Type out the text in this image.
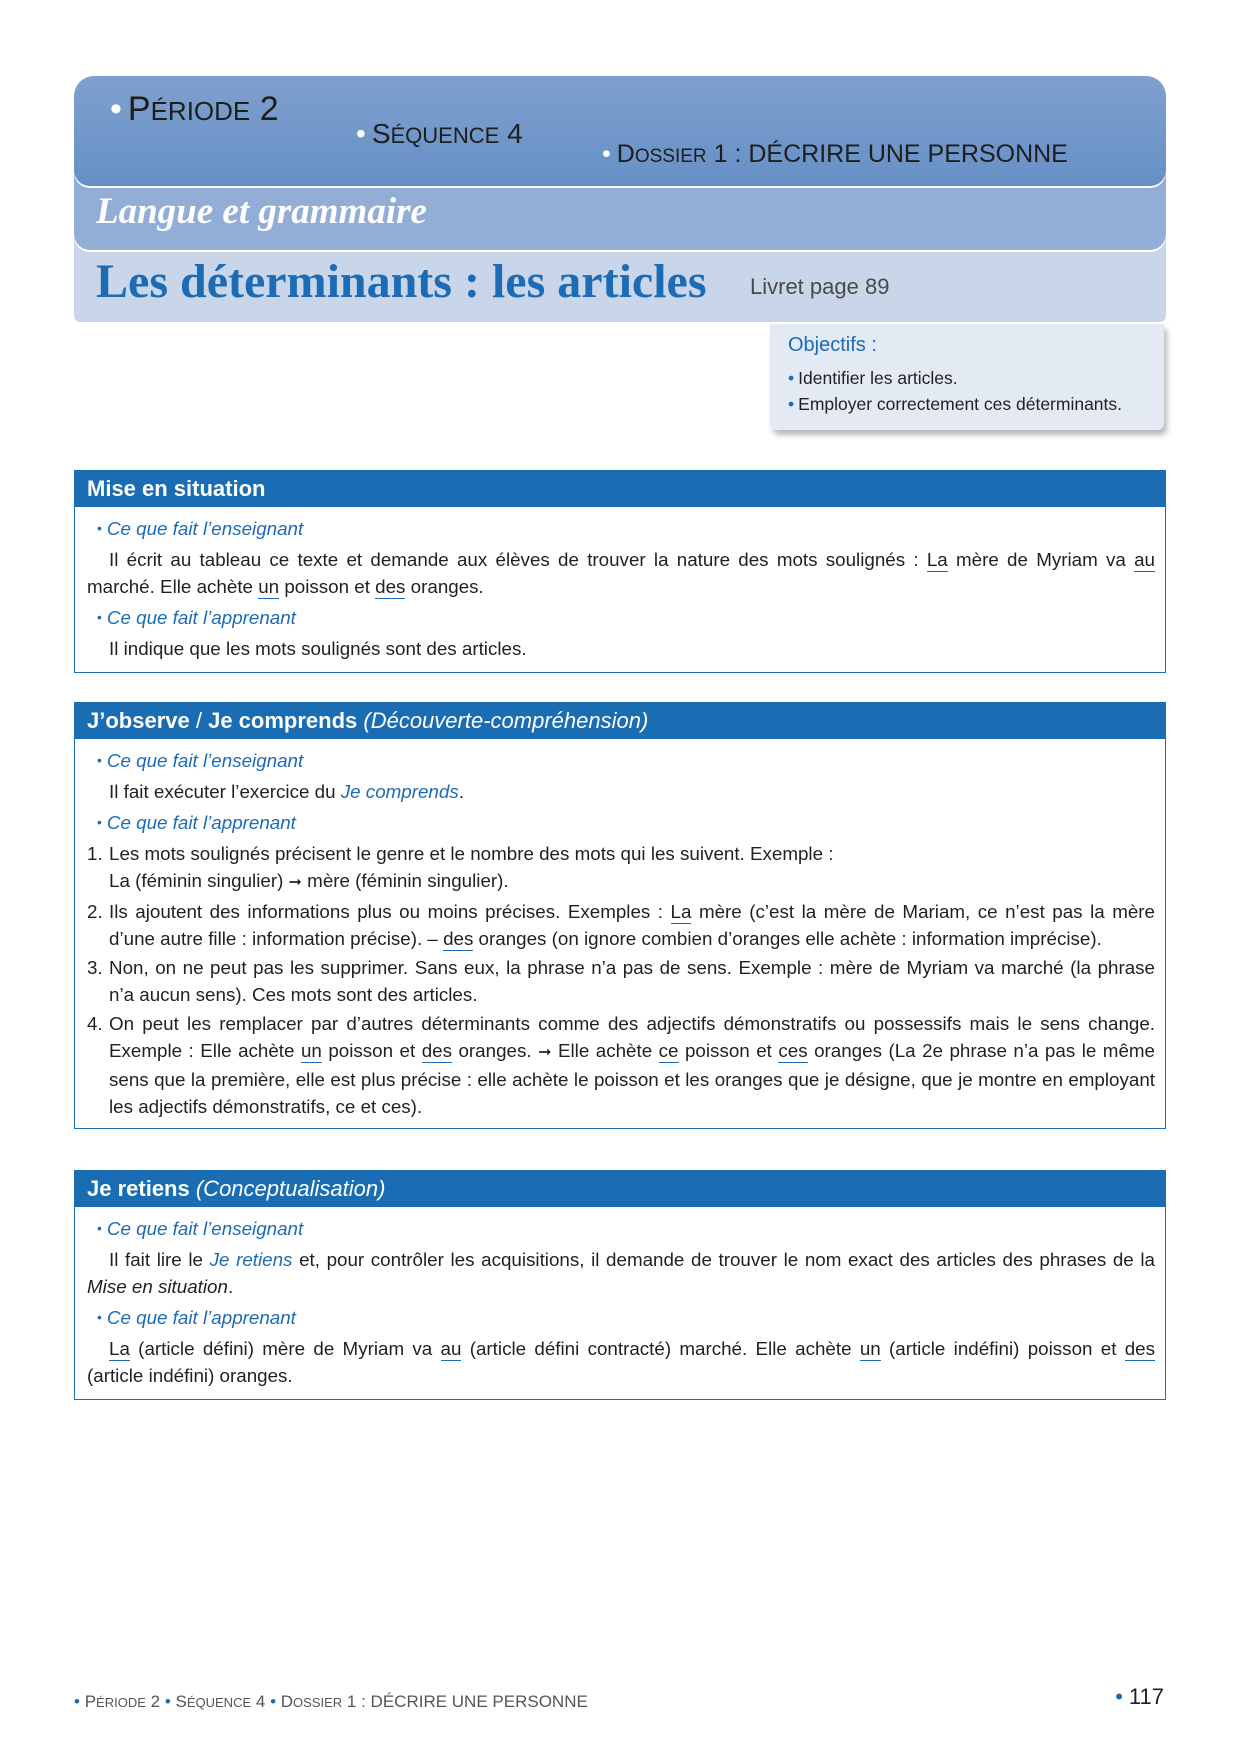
• PÉRIODE 2
• SÉQUENCE 4
• DOSSIER 1 : DÉCRIRE UNE PERSONNE
Langue et grammaire
Les déterminants : les articles Livret page 89
Objectifs :
• Identifier les articles.
• Employer correctement ces déterminants.
Mise en situation
• Ce que fait l’enseignant

Il écrit au tableau ce texte et demande aux élèves de trouver la nature des mots soulignés : La mère de Myriam va au marché. Elle achète un poisson et des oranges.

• Ce que fait l’apprenant

Il indique que les mots soulignés sont des articles.

J’observe / Je comprends (Découverte-compréhension)
• Ce que fait l’enseignant

Il fait exécuter l’exercice du Je comprends.

• Ce que fait l’apprenant
1. Les mots soulignés précisent le genre et le nombre des mots qui les suivent. Exemple :
La (féminin singulier) ➞ mère (féminin singulier).
2. Ils ajoutent des informations plus ou moins précises. Exemples : La mère (c’est la mère de Mariam, ce n’est pas la mère d’une autre fille : information précise). – des oranges (on ignore combien d’oranges elle achète : information imprécise).
3. Non, on ne peut pas les supprimer. Sans eux, la phrase n’a pas de sens. Exemple : mère de Myriam va marché (la phrase n’a aucun sens). Ces mots sont des articles.
4. On peut les remplacer par d’autres déterminants comme des adjectifs démonstratifs ou possessifs mais le sens change. Exemple : Elle achète un poisson et des oranges. ➞ Elle achète ce poisson et ces oranges (La 2e phrase n’a pas le même sens que la première, elle est plus précise : elle achète le poisson et les oranges que je désigne, que je montre en employant les adjectifs démonstratifs, ce et ces).
Je retiens (Conceptualisation)
• Ce que fait l’enseignant

Il fait lire le Je retiens et, pour contrôler les acquisitions, il demande de trouver le nom exact des articles des phrases de la Mise en situation.

• Ce que fait l’apprenant

La (article défini) mère de Myriam va au (article défini contracté) marché. Elle achète un (article indéfini) poisson et des (article indéfini) oranges.

• PÉRIODE 2 • SÉQUENCE 4 • DOSSIER 1 : DÉCRIRE UNE PERSONNE	• 117
